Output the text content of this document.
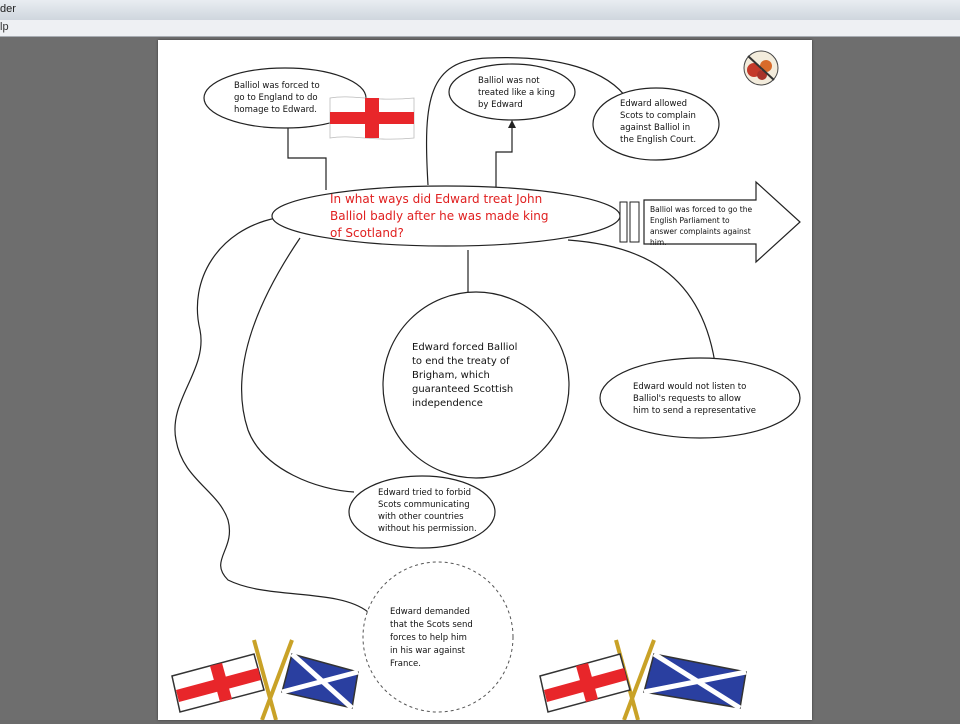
der
lp
In what ways did Edward treat John
Balliol badly after he was made king
of Scotland?
Balliol was forced to
go to England to do
homage to Edward.
Balliol was not
treated like a king
by Edward	Edward allowed
Scots to complain
against Balliol in
the English Court.
Balliol was forced to go the
English Parliament to
answer complaints against
him.
Edward forced Balliol
to end the treaty of
Brigham, which
guaranteed Scottish
independence
Edward would not listen to
Balliol's requests to allow
him to send a representative
Edward tried to forbid
Scots communicating
with other countries
without his permission.
Edward demanded
that the Scots send
forces to help him
in his war against
France.
